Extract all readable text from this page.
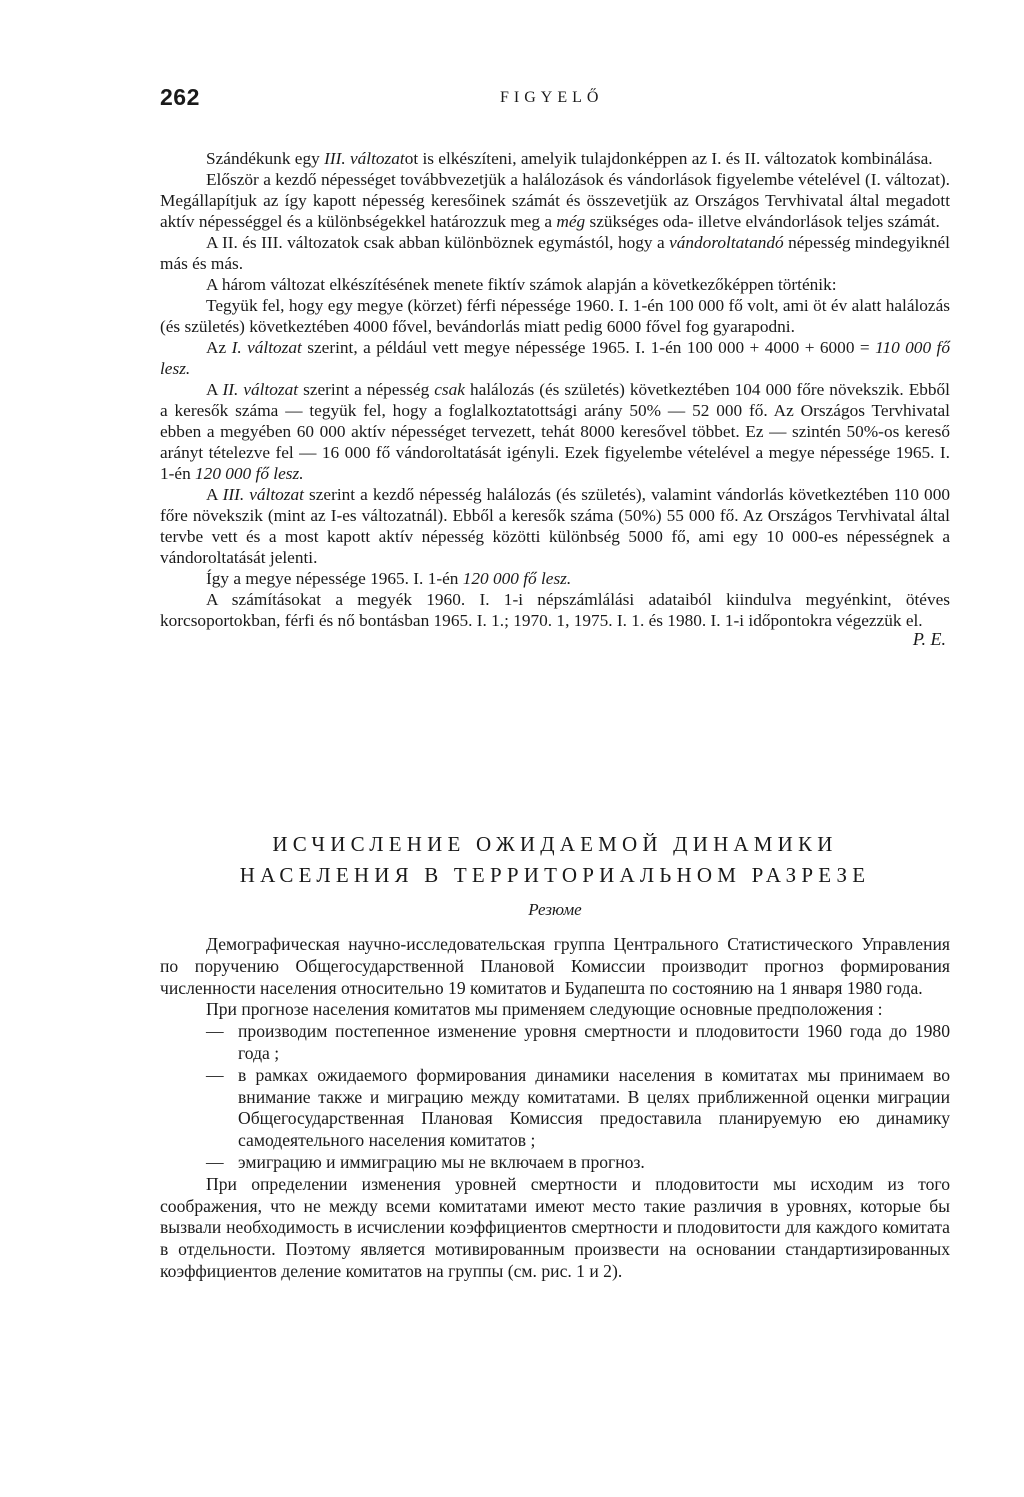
262	FIGYELŐ

Szándékunk egy III. változatot is elkészíteni, amelyik tulajdonképpen az I. és II. változatok kombinálása.

Először a kezdő népességet továbbvezetjük a halálozások és vándorlások figyelembe vételével (I. változat). Megállapítjuk az így kapott népesség keresőinek számát és összevetjük az Országos Tervhivatal által megadott aktív népességgel és a különbségekkel határozzuk meg a még szükséges oda- illetve elvándorlások teljes számát.

A II. és III. változatok csak abban különböznek egymástól, hogy a vándoroltatandó népesség mindegyiknél más és más.

A három változat elkészítésének menete fiktív számok alapján a következőképpen történik:

Tegyük fel, hogy egy megye (körzet) férfi népessége 1960. I. 1-én 100 000 fő volt, ami öt év alatt halálozás (és születés) következtében 4000 fővel, bevándorlás miatt pedig 6000 fővel fog gyarapodni.

Az I. változat szerint, a például vett megye népessége 1965. I. 1-én 100 000 + 4000 + 6000 = 110 000 fő lesz.

A II. változat szerint a népesség csak halálozás (és születés) következtében 104 000 főre növekszik. Ebből a keresők száma — tegyük fel, hogy a foglalkoztatottsági arány 50% — 52 000 fő. Az Országos Tervhivatal ebben a megyében 60 000 aktív népességet tervezett, tehát 8000 keresővel többet. Ez — szintén 50%-os kereső arányt tételezve fel — 16 000 fő vándoroltatását igényli. Ezek figyelembe vételével a megye népessége 1965. I. 1-én 120 000 fő lesz.

A III. változat szerint a kezdő népesség halálozás (és születés), valamint vándorlás következtében 110 000 főre növekszik (mint az I-es változatnál). Ebből a keresők száma (50%) 55 000 fő. Az Országos Tervhivatal által tervbe vett és a most kapott aktív népesség közötti különbség 5000 fő, ami egy 10 000-es népességnek a vándoroltatását jelenti.

Így a megye népessége 1965. I. 1-én 120 000 fő lesz.

A számításokat a megyék 1960. I. 1-i népszámlálási adataiból kiindulva megyénkint, ötéves korcsoportokban, férfi és nő bontásban 1965. I. 1.; 1970. 1, 1975. I. 1. és 1980. I. 1-i időpontokra végezzük el.

P. E.
ИСЧИСЛЕНИЕ ОЖИДАЕМОЙ ДИНАМИКИ
НАСЕЛЕНИЯ В ТЕРРИТОРИАЛЬНОМ РАЗРЕЗЕ
Резюме

Демографическая научно-исследовательская группа Центрального Статистического Управления по поручению Общегосударственной Плановой Комиссии производит прогноз формирования численности населения относительно 19 комитатов и Будапешта по состоянию на 1 января 1980 года.

При прогнозе населения комитатов мы применяем следующие основные предположения :

— производим постепенное изменение уровня смертности и плодовитости 1960 года до 1980 года ;
— в рамках ожидаемого формирования динамики населения в комитатах мы принимаем во внимание также и миграцию между комитатами. В целях приближенной оценки миграции Общегосударственная Плановая Комиссия предоставила планируемую ею динамику самодеятельного населения комитатов ;
— эмиграцию и иммиграцию мы не включаем в прогноз.

При определении изменения уровней смертности и плодовитости мы исходим из того соображения, что не между всеми комитатами имеют место такие различия в уровнях, которые бы вызвали необходимость в исчислении коэффициентов смертности и плодовитости для каждого комитата в отдельности. Поэтому является мотивированным произвести на основании стандартизированных коэффициентов деление комитатов на группы (см. рис. 1 и 2).
